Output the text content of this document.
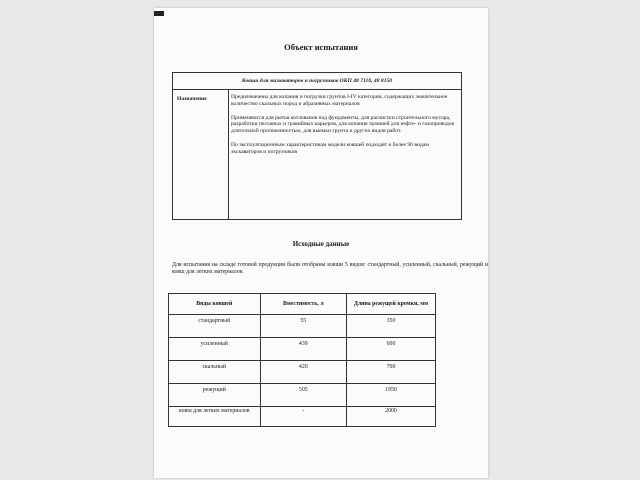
Объект испытания
Ковши для экскаваторов и погрузчиков ОКП 48 7110, 48 8150
Назначение	Предназначены для копания и погрузки грунтов I-IV категории, содержащих значительное количество скальных пород и абразивных материалов

Применяются для рытья котлованов под фундаменты, для расчистки строительного мусора, разработки песчаных и гравийных карьеров, для копания траншей для нефте- и газопроводов длительной протяженностью, для выемки грунта и других видов работ.

По эксплуатационным характеристикам модели ковшей подходят к более 90 видам экскаваторов и погрузчиков

Исходные данные
Для испытания на складе готовой продукции были отобраны ковши 5 видов: стандартный, усиленный, скальный, режущий и ковш для легких материалов.
Виды ковшей	Вместимость, л	Длина режущей кромки, мм
стандартный	55	350
усиленный	439	600
скальный	420	700
режущий	505	1950
ковш для легких материалов	-	2000
